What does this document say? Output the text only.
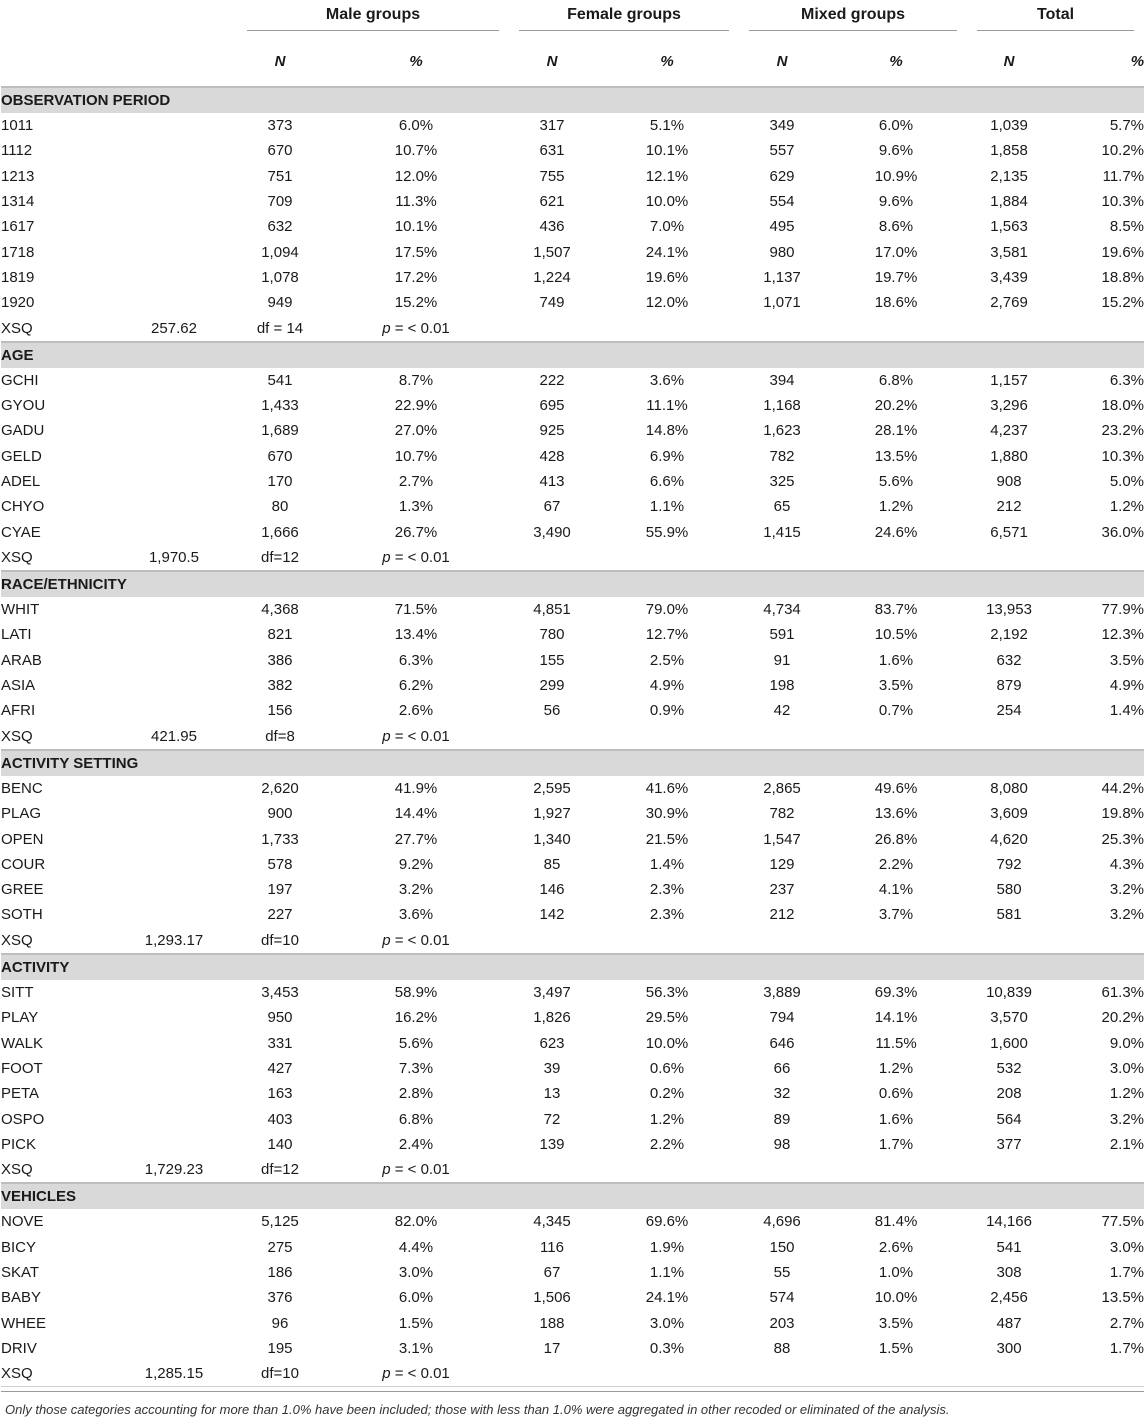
		Male groups		Female groups		Mixed groups		Total	

		N	%	N	%	N	%	N	%
OBSERVATION PERIOD									
1011		373	6.0%	317	5.1%	349	6.0%	1,039	5.7%
1112		670	10.7%	631	10.1%	557	9.6%	1,858	10.2%
1213		751	12.0%	755	12.1%	629	10.9%	2,135	11.7%
1314		709	11.3%	621	10.0%	554	9.6%	1,884	10.3%
1617		632	10.1%	436	7.0%	495	8.6%	1,563	8.5%
1718		1,094	17.5%	1,507	24.1%	980	17.0%	3,581	19.6%
1819		1,078	17.2%	1,224	19.6%	1,137	19.7%	3,439	18.8%
1920		949	15.2%	749	12.0%	1,071	18.6%	2,769	15.2%
XSQ	257.62	df = 14	p = < 0.01						
AGE									
GCHI		541	8.7%	222	3.6%	394	6.8%	1,157	6.3%
GYOU		1,433	22.9%	695	11.1%	1,168	20.2%	3,296	18.0%
GADU		1,689	27.0%	925	14.8%	1,623	28.1%	4,237	23.2%
GELD		670	10.7%	428	6.9%	782	13.5%	1,880	10.3%
ADEL		170	2.7%	413	6.6%	325	5.6%	908	5.0%
CHYO		80	1.3%	67	1.1%	65	1.2%	212	1.2%
CYAE		1,666	26.7%	3,490	55.9%	1,415	24.6%	6,571	36.0%
XSQ	1,970.5	df=12	p = < 0.01						
RACE/ETHNICITY									
WHIT		4,368	71.5%	4,851	79.0%	4,734	83.7%	13,953	77.9%
LATI		821	13.4%	780	12.7%	591	10.5%	2,192	12.3%
ARAB		386	6.3%	155	2.5%	91	1.6%	632	3.5%
ASIA		382	6.2%	299	4.9%	198	3.5%	879	4.9%
AFRI		156	2.6%	56	0.9%	42	0.7%	254	1.4%
XSQ	421.95	df=8	p = < 0.01						
ACTIVITY SETTING									
BENC		2,620	41.9%	2,595	41.6%	2,865	49.6%	8,080	44.2%
PLAG		900	14.4%	1,927	30.9%	782	13.6%	3,609	19.8%
OPEN		1,733	27.7%	1,340	21.5%	1,547	26.8%	4,620	25.3%
COUR		578	9.2%	85	1.4%	129	2.2%	792	4.3%
GREE		197	3.2%	146	2.3%	237	4.1%	580	3.2%
SOTH		227	3.6%	142	2.3%	212	3.7%	581	3.2%
XSQ	1,293.17	df=10	p = < 0.01						
ACTIVITY									
SITT		3,453	58.9%	3,497	56.3%	3,889	69.3%	10,839	61.3%
PLAY		950	16.2%	1,826	29.5%	794	14.1%	3,570	20.2%
WALK		331	5.6%	623	10.0%	646	11.5%	1,600	9.0%
FOOT		427	7.3%	39	0.6%	66	1.2%	532	3.0%
PETA		163	2.8%	13	0.2%	32	0.6%	208	1.2%
OSPO		403	6.8%	72	1.2%	89	1.6%	564	3.2%
PICK		140	2.4%	139	2.2%	98	1.7%	377	2.1%
XSQ	1,729.23	df=12	p = < 0.01						
VEHICLES									
NOVE		5,125	82.0%	4,345	69.6%	4,696	81.4%	14,166	77.5%
BICY		275	4.4%	116	1.9%	150	2.6%	541	3.0%
SKAT		186	3.0%	67	1.1%	55	1.0%	308	1.7%
BABY		376	6.0%	1,506	24.1%	574	10.0%	2,456	13.5%
WHEE		96	1.5%	188	3.0%	203	3.5%	487	2.7%
DRIV		195	3.1%	17	0.3%	88	1.5%	300	1.7%
XSQ	1,285.15	df=10	p = < 0.01						
Only those categories accounting for more than 1.0% have been included; those with less than 1.0% were aggregated in other recoded or eliminated of the analysis.
